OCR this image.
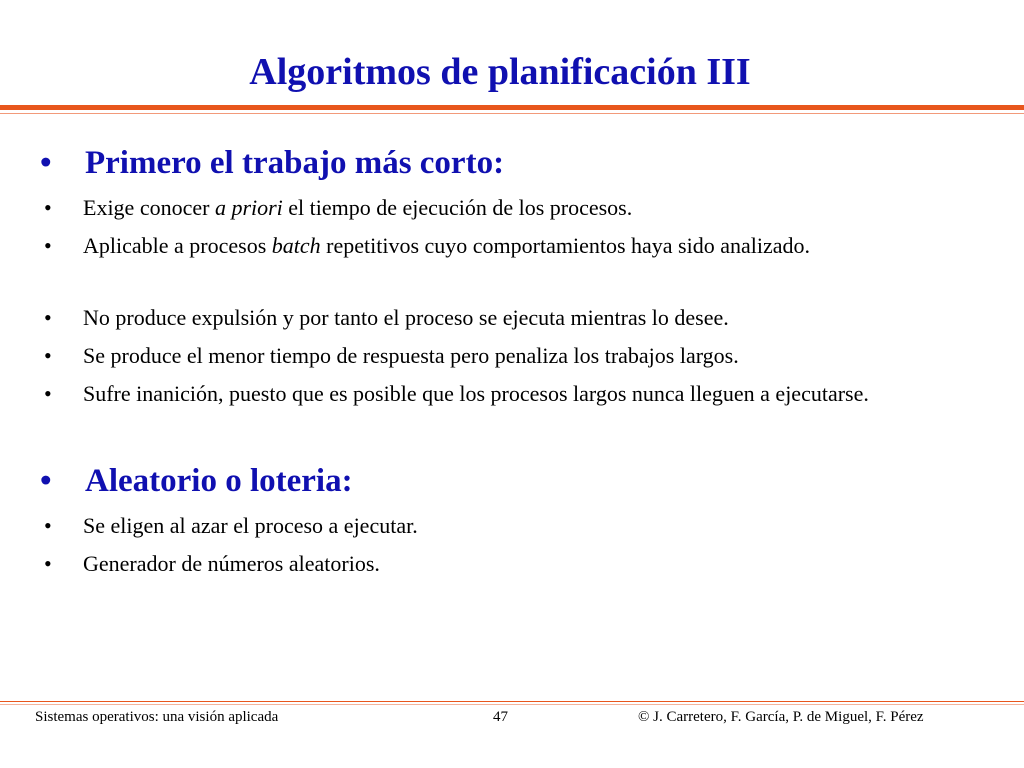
Algoritmos de planificación III
• Primero el trabajo más corto:
• Exige conocer a priori el tiempo de ejecución de los procesos.
• Aplicable a procesos batch repetitivos cuyo comportamientos haya sido analizado.
• No produce expulsión y por tanto el proceso se ejecuta mientras lo desee.
• Se produce el menor tiempo de respuesta pero penaliza los trabajos largos.
• Sufre inanición, puesto que es posible que los procesos largos nunca lleguen a ejecutarse.
• Aleatorio o loteria:
• Se eligen al azar el proceso a ejecutar.
• Generador de números aleatorios.
Sistemas operativos: una visión aplicada	47	© J. Carretero, F. García, P. de Miguel, F. Pérez
